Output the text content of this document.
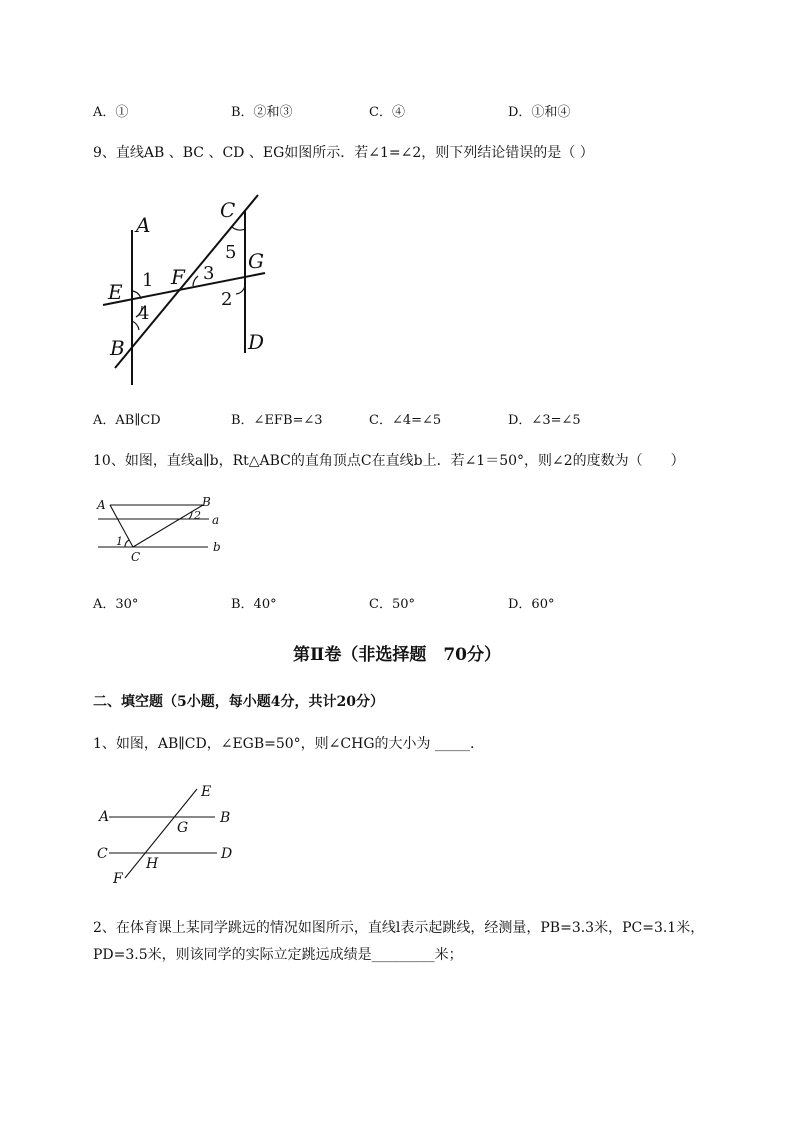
A．①	B．②和③	C．④	D．①和④
9、直线AB 、BC 、CD 、EG如图所示．若∠1=∠2，则下列结论错误的是（ ）
A
C
5 G
F 3
E 1
2
4
D
B
A．AB∥CD	B．∠EFB=∠3	C．∠4=∠5	D．∠3=∠5
10、如图，直线a∥b，Rt△ABC的直角顶点C在直线b上．若∠1＝50°，则∠2的度数为（　　）
A	B
2 a
1	b
C
A．30°	B．40°	C．50°	D．60°
第Ⅱ卷（非选择题　70分）
二、填空题（5小题，每小题4分，共计20分）
1、如图，AB∥CD，∠EGB=50°，则∠CHG的大小为 _____.
E
A	B
G
C	D
H
F
2、在体育课上某同学跳远的情况如图所示，直线l表示起跳线，经测量，PB=3.3米，PC=3.1米，
PD=3.5米，则该同学的实际立定跳远成绩是_________米；
